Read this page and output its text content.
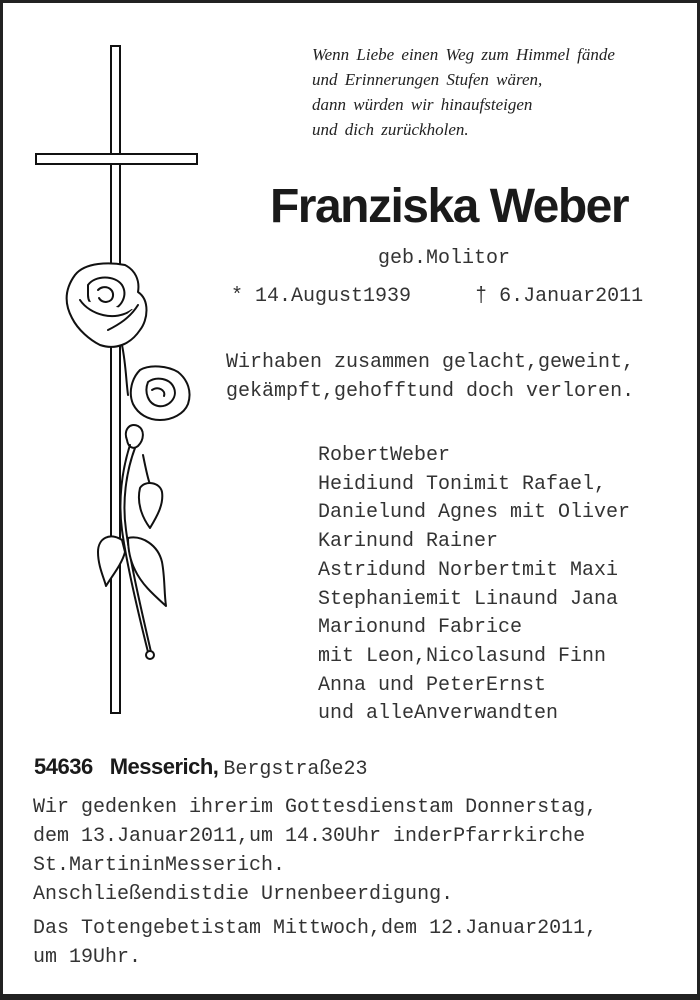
Wenn Liebe einen Weg zum Himmel fände
und Erinnerungen Stufen wären,
dann würden wir hinaufsteigen
und dich zurückholen.
Franziska Weber
geb.Molitor
* 14.August1939	† 6.Januar2011
Wirhaben zusammen gelacht,geweint,
gekämpft,gehofftund doch verloren.
RobertWeber
Heidiund Tonimit Rafael,
Danielund Agnes mit Oliver
Karinund Rainer
Astridund Norbertmit Maxi
Stephaniemit Linaund Jana
Marionund Fabrice
mit Leon,Nicolasund Finn
Anna und PeterErnst
und alleAnverwandten
54636 Messerich, Bergstraße23
Wir gedenken ihrerim Gottesdienstam Donnerstag,
dem 13.Januar2011,um 14.30Uhr inderPfarrkirche
St.MartininMesserich.
Anschließendistdie Urnenbeerdigung.
Das Totengebetistam Mittwoch,dem 12.Januar2011,
um 19Uhr.
